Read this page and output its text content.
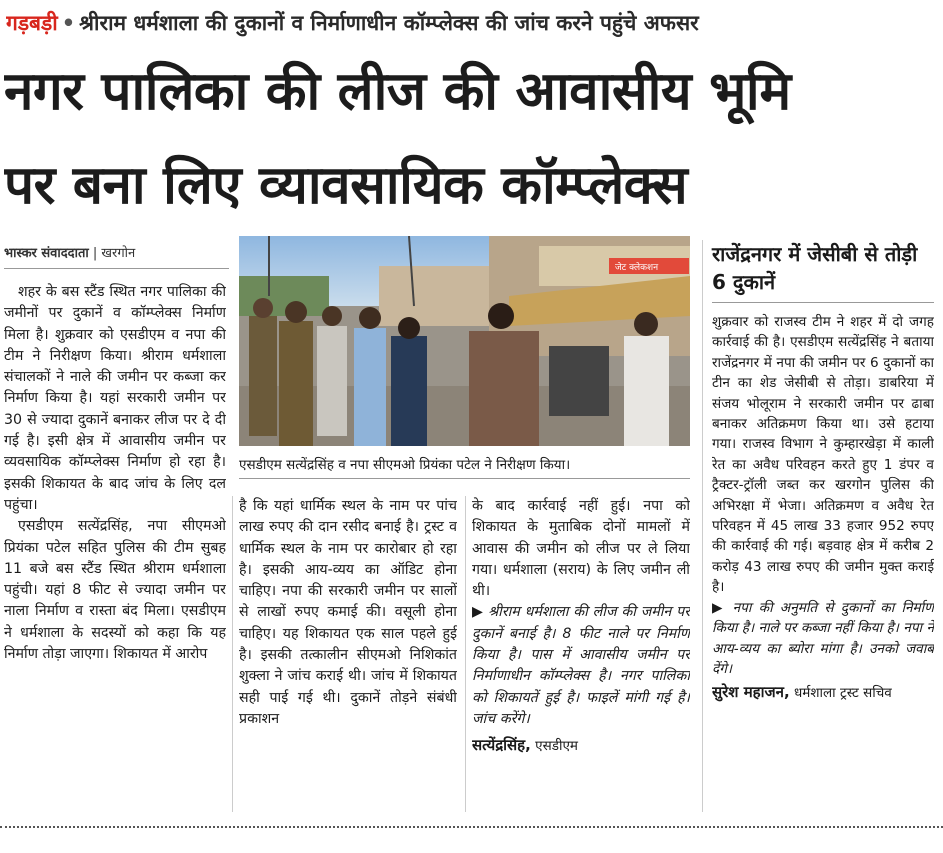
गड़बड़ी • श्रीराम धर्मशाला की दुकानों व निर्माणाधीन कॉम्प्लेक्स की जांच करने पहुंचे अफसर
नगर पालिका की लीज की आवासीय भूमि
पर बना लिए व्यावसायिक कॉम्प्लेक्स
भास्कर संवाददाता | खरगोन

शहर के बस स्टैंड स्थित नगर पालिका की जमीनों पर दुकानें व कॉम्प्लेक्स निर्माण मिला है। शुक्रवार को एसडीएम व नपा की टीम ने निरीक्षण किया। श्रीराम धर्मशाला संचालकों ने नाले की जमीन पर कब्जा कर निर्माण किया है। यहां सरकारी जमीन पर 30 से ज्यादा दुकानें बनाकर लीज पर दे दी गई है। इसी क्षेत्र में आवासीय जमीन पर व्यवसायिक कॉम्प्लेक्स निर्माण हो रहा है। इसकी शिकायत के बाद जांच के लिए दल पहुंचा।

एसडीएम सत्येंद्रसिंह, नपा सीएमओ प्रियंका पटेल सहित पुलिस की टीम सुबह 11 बजे बस स्टैंड स्थित श्रीराम धर्मशाला पहुंची। यहां 8 फीट से ज्यादा जमीन पर नाला निर्माण व रास्ता बंद मिला। एसडीएम ने धर्मशाला के सदस्यों को कहा कि यह निर्माण तोड़ा जाएगा। शिकायत में आरोप

जेट क्लेकशन
एसडीएम सत्येंद्रसिंह व नपा सीएमओ प्रियंका पटेल ने निरीक्षण किया।

है कि यहां धार्मिक स्थल के नाम पर पांच लाख रुपए की दान रसीद बनाई है। ट्रस्ट व धार्मिक स्थल के नाम पर कारोबार हो रहा है। इसकी आय-व्यय का ऑडिट होना चाहिए। नपा की सरकारी जमीन पर सालों से लाखों रुपए कमाई की। वसूली होना चाहिए। यह शिकायत एक साल पहले हुई है। इसकी तत्कालीन सीएमओ निशिकांत शुक्ला ने जांच कराई थी। जांच में शिकायत सही पाई गई थी। दुकानें तोड़ने संबंधी प्रकाशन

के बाद कार्रवाई नहीं हुई। नपा को शिकायत के मुताबिक दोनों मामलों में आवास की जमीन को लीज पर ले लिया गया। धर्मशाला (सराय) के लिए जमीन ली थी।

▶ श्रीराम धर्मशाला की लीज की जमीन पर दुकानें बनाई है। 8 फीट नाले पर निर्माण किया है। पास में आवासीय जमीन पर निर्माणाधीन कॉम्प्लेक्स है। नगर पालिका को शिकायतें हुई है। फाइलें मांगी गई है। जांच करेंगे।

सत्येंद्रसिंह, एसडीएम
राजेंद्रनगर में जेसीबी से तोड़ी 6 दुकानें

शुक्रवार को राजस्व टीम ने शहर में दो जगह कार्रवाई की है। एसडीएम सत्येंद्रसिंह ने बताया राजेंद्रनगर में नपा की जमीन पर 6 दुकानों का टीन का शेड जेसीबी से तोड़ा। डाबरिया में संजय भोलूराम ने सरकारी जमीन पर ढाबा बनाकर अतिक्रमण किया था। उसे हटाया गया। राजस्व विभाग ने कुम्हारखेड़ा में काली रेत का अवैध परिवहन करते हुए 1 डंपर व ट्रैक्टर-ट्रॉली जब्त कर खरगोन पुलिस की अभिरक्षा में भेजा। अतिक्रमण व अवैध रेत परिवहन में 45 लाख 33 हजार 952 रुपए की कार्रवाई की गई। बड़वाह क्षेत्र में करीब 2 करोड़ 43 लाख रुपए की जमीन मुक्त कराई है।

▶ नपा की अनुमति से दुकानों का निर्माण किया है। नाले पर कब्जा नहीं किया है। नपा ने आय-व्यय का ब्योरा मांगा है। उनको जवाब देंगे।

सुरेश महाजन, धर्मशाला ट्रस्ट सचिव
